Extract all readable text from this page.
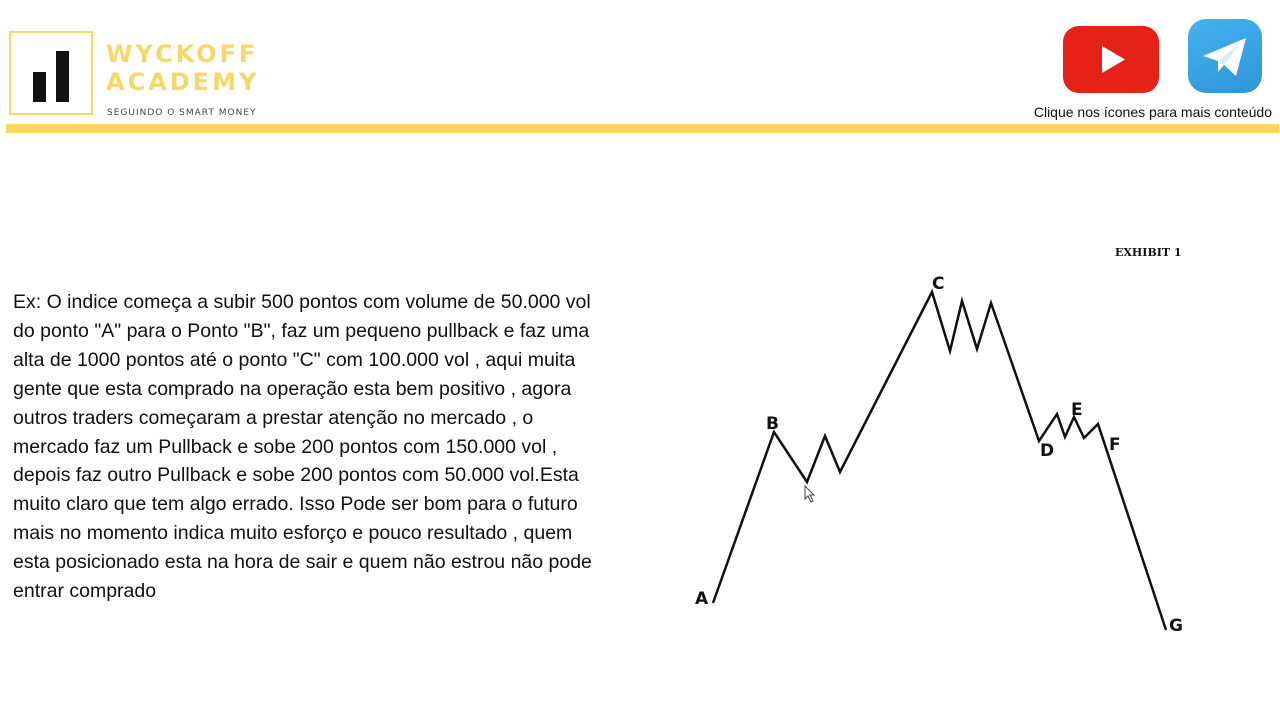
WYCKOFF
ACADEMY
SEGUINDO O SMART MONEY	Clique nos ícones para mais conteúdo
Ex: O indice começa a subir 500 pontos com volume de 50.000 vol do ponto "A" para o Ponto "B", faz um pequeno pullback e faz uma alta de 1000 pontos até o ponto "C" com 100.000 vol , aqui muita gente que esta comprado na operação esta bem positivo , agora outros traders começaram a prestar atenção no mercado , o mercado faz um Pullback e sobe 200 pontos com 150.000 vol , depois faz outro Pullback e sobe 200 pontos com 50.000 vol.Esta muito claro que tem algo errado. Isso Pode ser bom para o futuro mais no momento indica muito esforço e pouco resultado , quem esta posicionado esta na hora de sair e quem não estrou não pode entrar comprado
EXHIBIT 1
A
B
C
D
E
F
G
